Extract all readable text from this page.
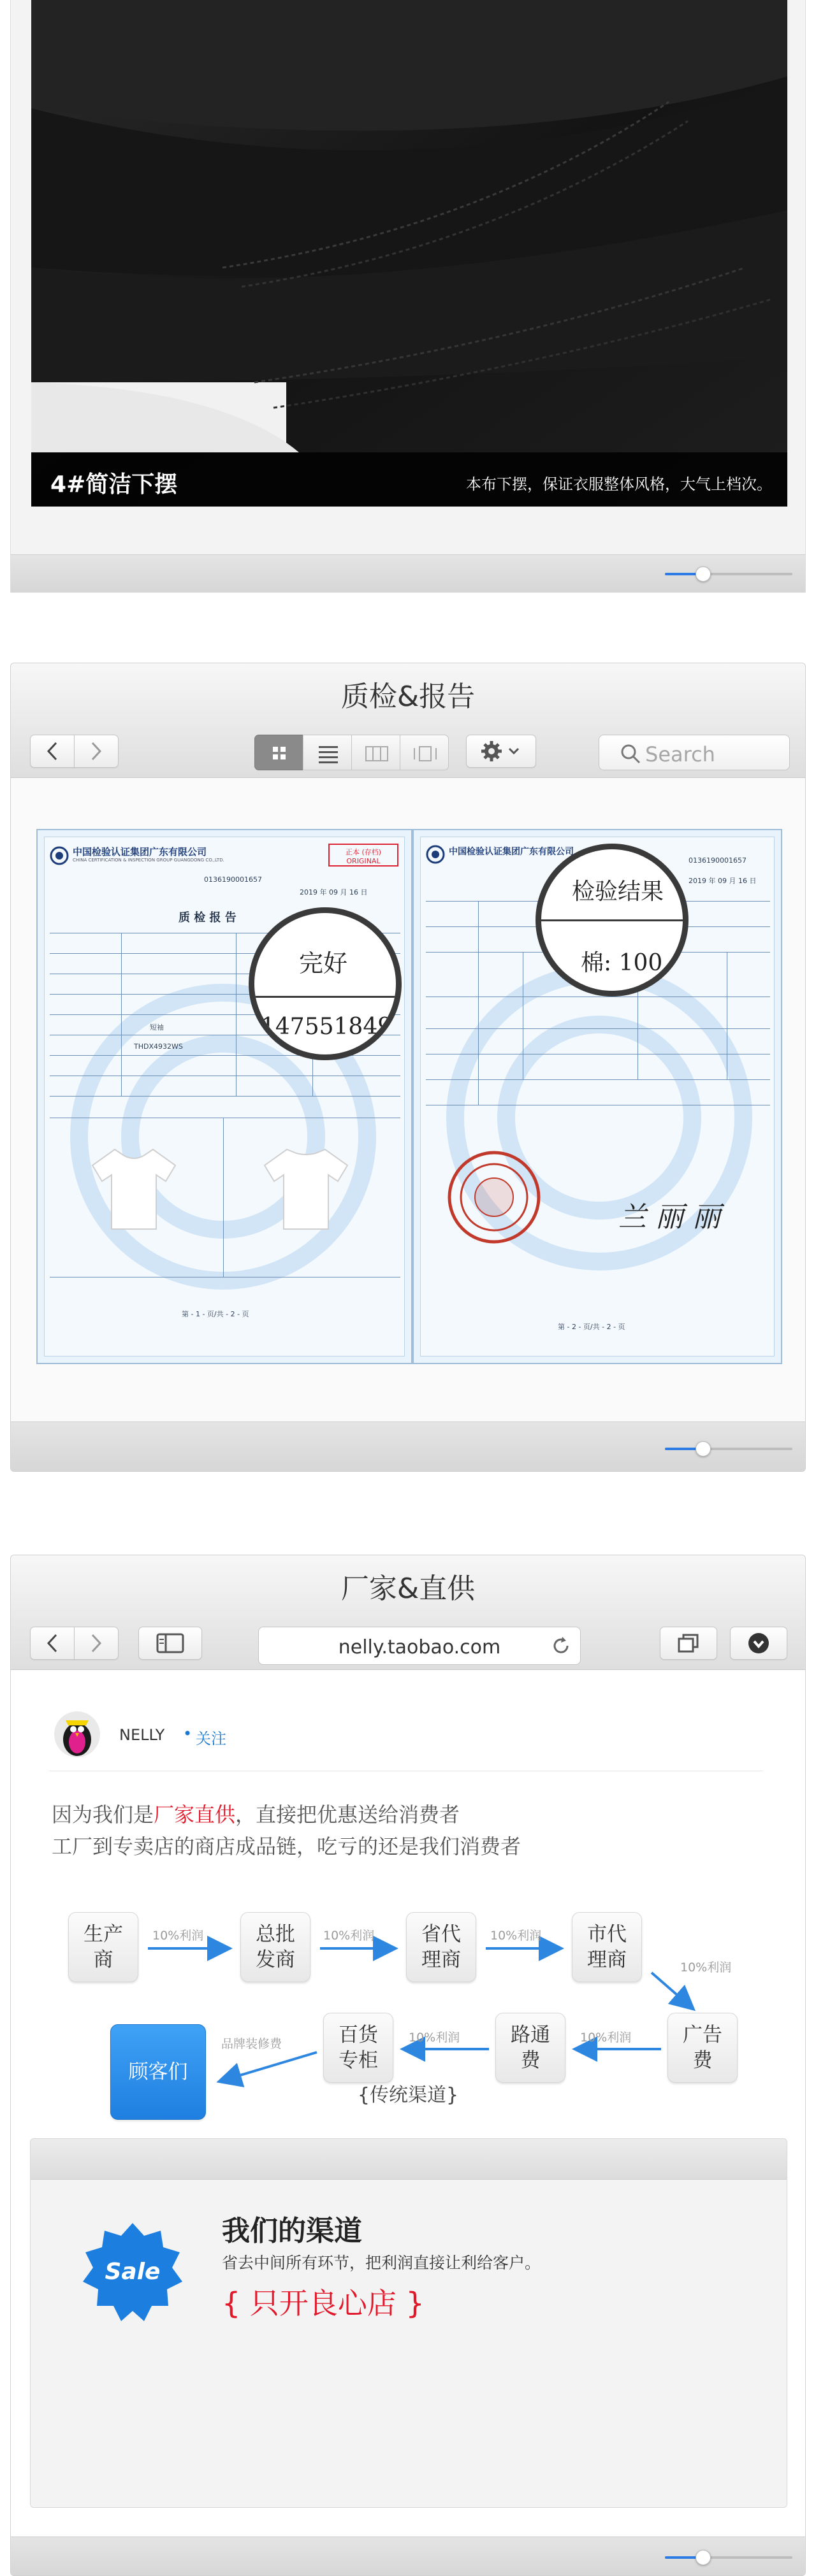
4#简洁下摆	本布下摆，保证衣服整体风格，大气上档次。
质检&报告
Search
中国检验认证集团广东有限公司
CHINA CERTIFICATION & INSPECTION GROUP GUANGDONG CO.,LTD.
正本 (存档) ORIGINAL
0136190001657
2019 年 09 月 16 日
质 检 报 告
短袖
THDX4932WS
第 - 1 - 页/共 - 2 - 页
完好
147551849
中国检验认证集团广东有限公司
0136190001657
2019 年 09 月 16 日
兰 丽 丽
第 - 2 - 页/共 - 2 - 页
检验结果
棉: 100
厂家&直供
nelly.taobao.com
NELLY • 关注
因为我们是厂家直供，直接把优惠送给消费者
工厂到专卖店的商店成品链，吃亏的还是我们消费者
生产商
总批发商
省代理商
市代理商
广告费
路通费
百货专柜
顾客们
10%利润	10%利润	10%利润
10%利润
10%利润
10%利润
品牌装修费
{传统渠道}
Sale
我们的渠道
省去中间所有环节，把利润直接让利给客户。
{ 只开良心店 }
